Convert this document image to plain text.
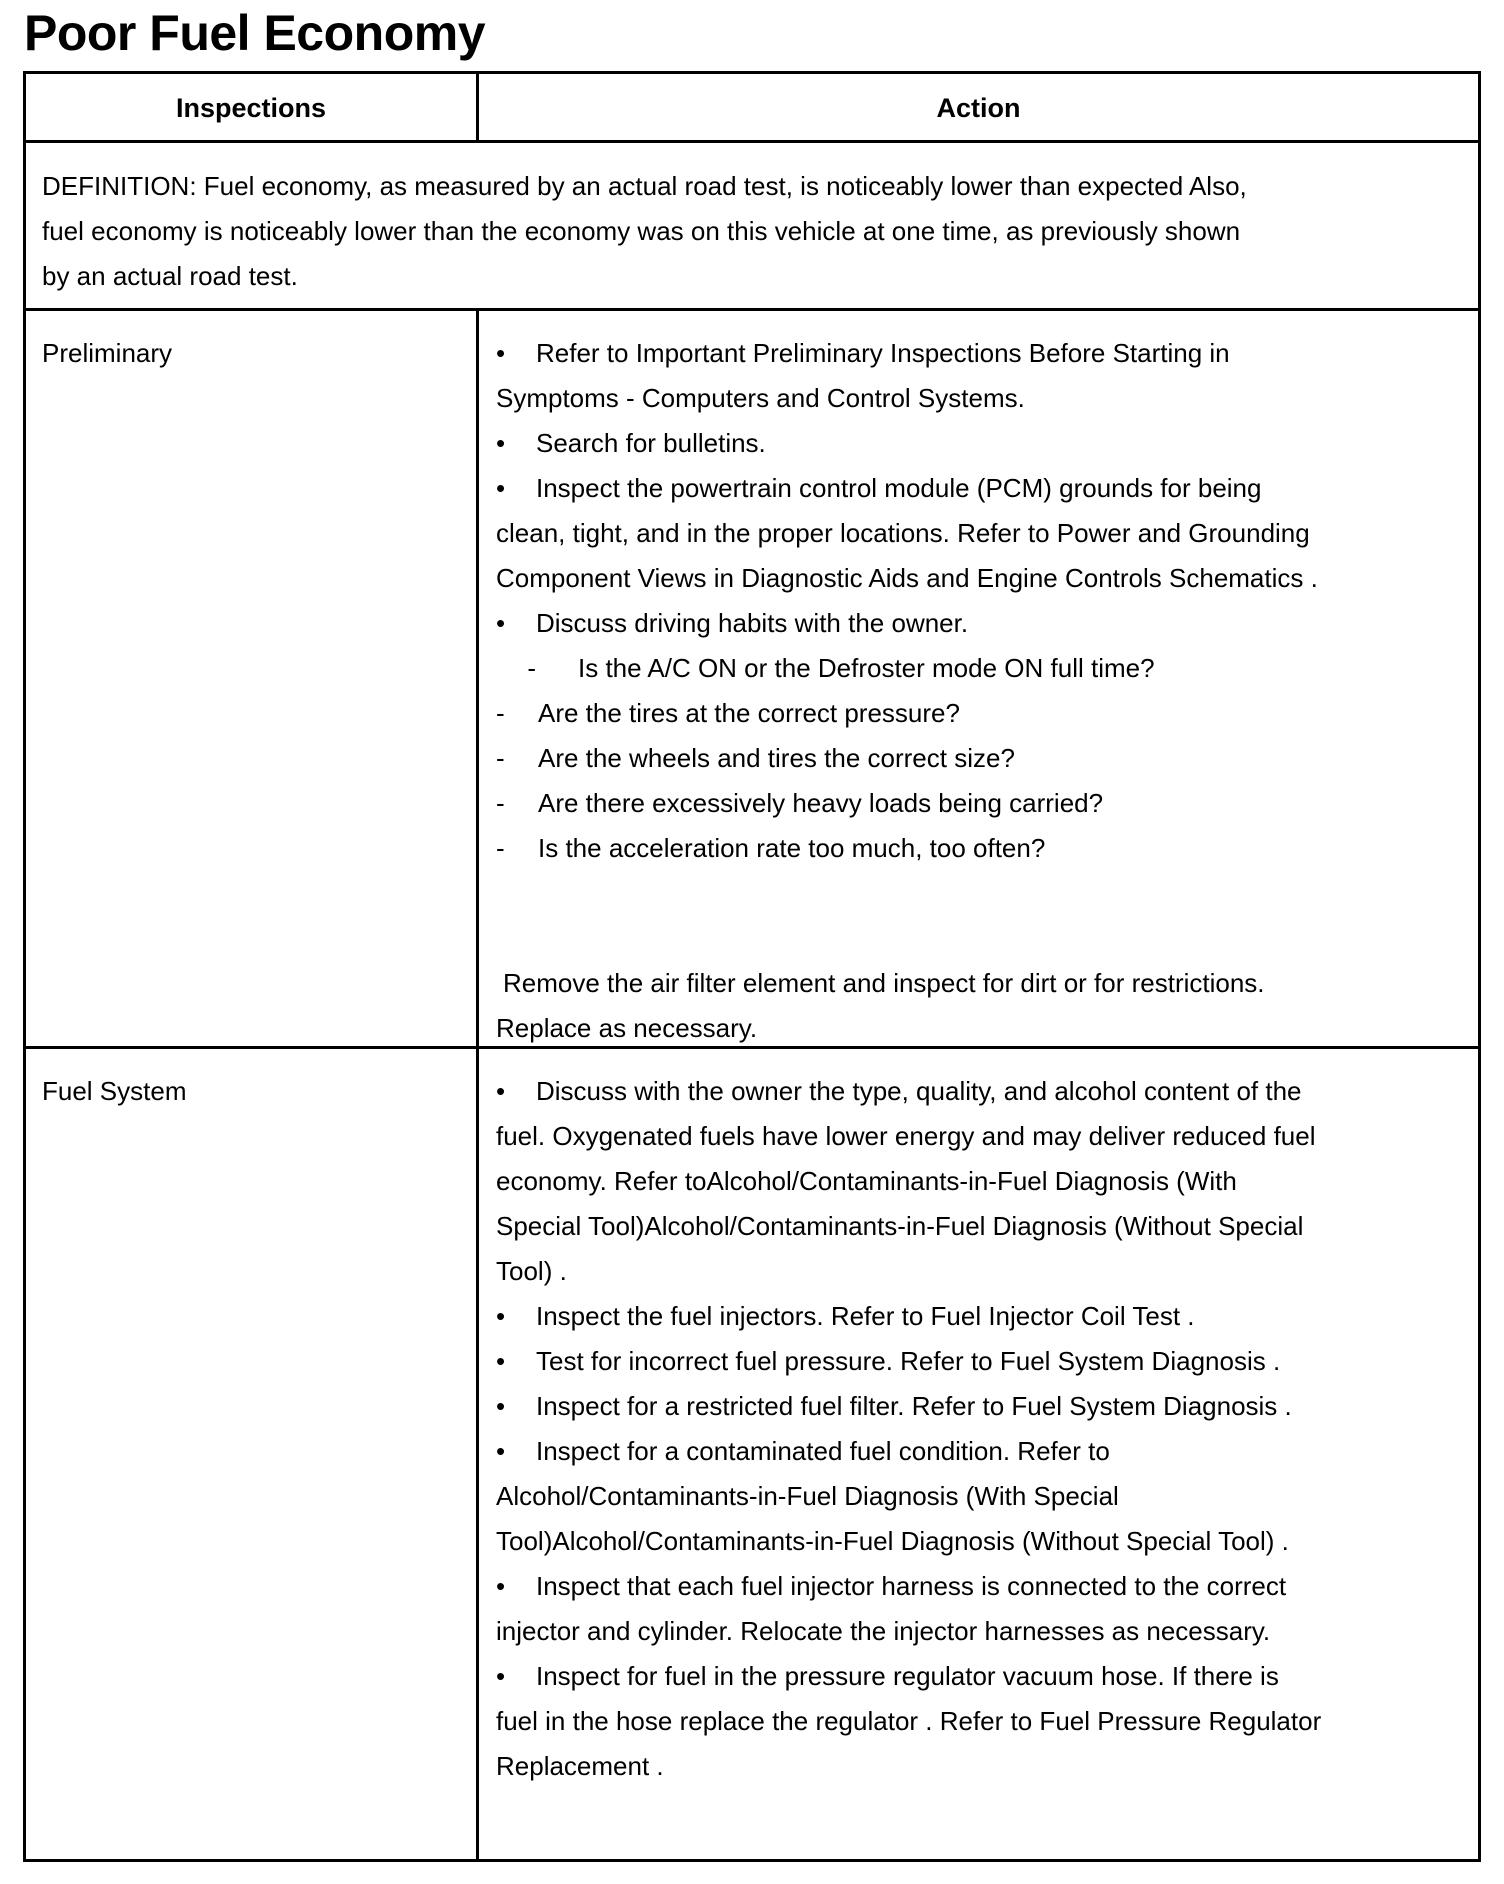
Poor Fuel Economy
Inspections	Action
DEFINITION: Fuel economy, as measured by an actual road test, is noticeably lower than expected Also,
fuel economy is noticeably lower than the economy was on this vehicle at one time, as previously shown
by an actual road test.
Preliminary	• Refer to Important Preliminary Inspections Before Starting in
Symptoms - Computers and Control Systems.
• Search for bulletins.
• Inspect the powertrain control module (PCM) grounds for being
clean, tight, and in the proper locations. Refer to Power and Grounding
Component Views in Diagnostic Aids and Engine Controls Schematics .
• Discuss driving habits with the owner.
- Is the A/C ON or the Defroster mode ON full time?
- Are the tires at the correct pressure?
- Are the wheels and tires the correct size?
- Are there excessively heavy loads being carried?
- Is the acceleration rate too much, too often?
Remove the air filter element and inspect for dirt or for restrictions.
Replace as necessary.
Fuel System	• Discuss with the owner the type, quality, and alcohol content of the
fuel. Oxygenated fuels have lower energy and may deliver reduced fuel
economy. Refer toAlcohol/Contaminants-in-Fuel Diagnosis (With
Special Tool)Alcohol/Contaminants-in-Fuel Diagnosis (Without Special
Tool) .
• Inspect the fuel injectors. Refer to Fuel Injector Coil Test .
• Test for incorrect fuel pressure. Refer to Fuel System Diagnosis .
• Inspect for a restricted fuel filter. Refer to Fuel System Diagnosis .
• Inspect for a contaminated fuel condition. Refer to
Alcohol/Contaminants-in-Fuel Diagnosis (With Special
Tool)Alcohol/Contaminants-in-Fuel Diagnosis (Without Special Tool) .
• Inspect that each fuel injector harness is connected to the correct
injector and cylinder. Relocate the injector harnesses as necessary.
• Inspect for fuel in the pressure regulator vacuum hose. If there is
fuel in the hose replace the regulator . Refer to Fuel Pressure Regulator
Replacement .
